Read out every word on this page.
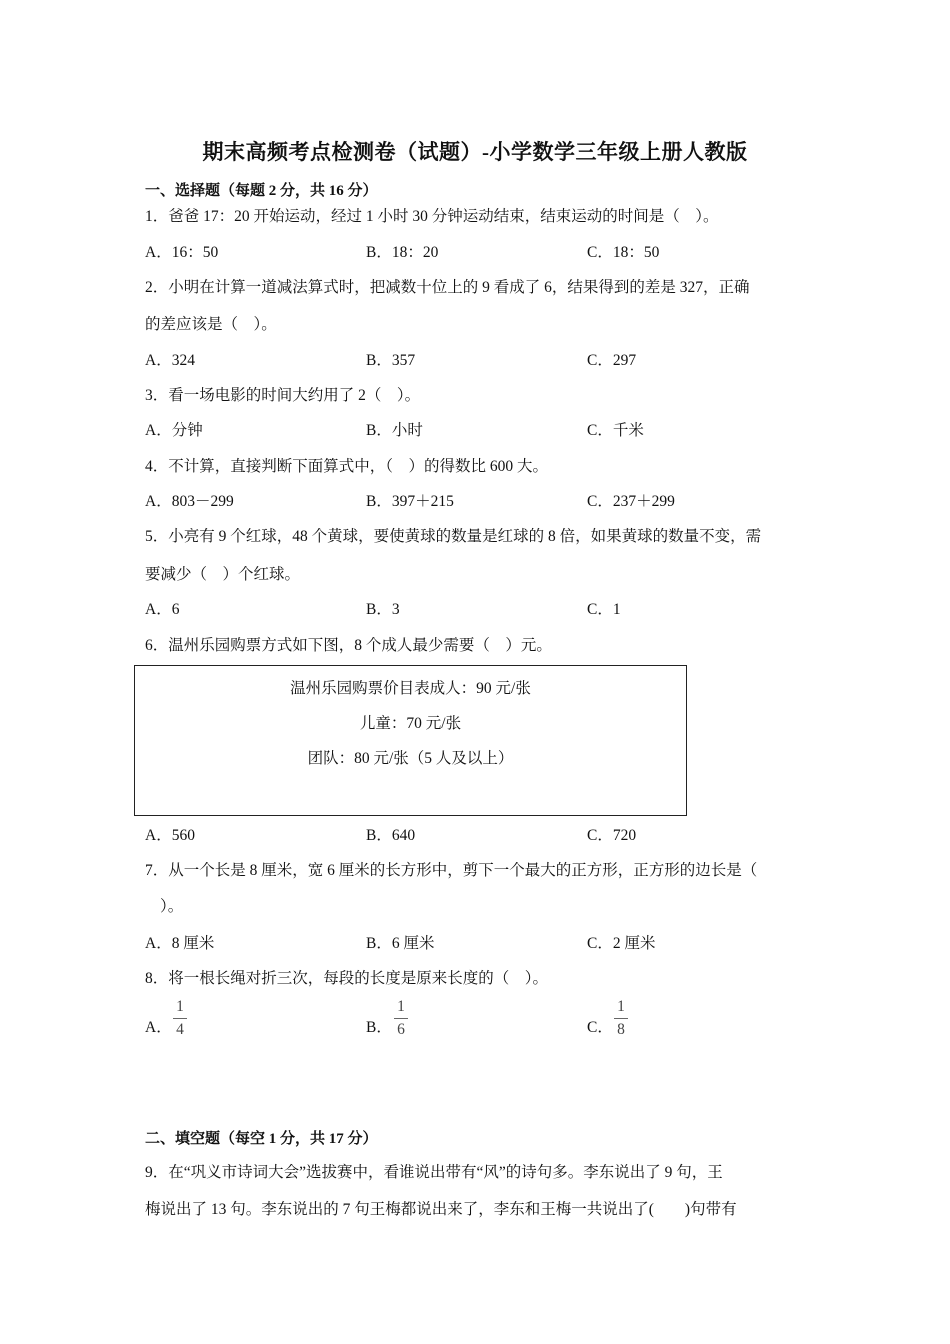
期末高频考点检测卷（试题）-小学数学三年级上册人教版
一、选择题（每题 2 分，共 16 分）
1．爸爸 17：20 开始运动，经过 1 小时 30 分钟运动结束，结束运动的时间是（　）。
A．16：50	B．18：20	C．18：50
2．小明在计算一道减法算式时，把减数十位上的 9 看成了 6，结果得到的差是 327，正确
的差应该是（　）。
A．324	B．357	C．297
3．看一场电影的时间大约用了 2（　）。
A．分钟	B．小时	C．千米
4．不计算，直接判断下面算式中，（　）的得数比 600 大。
A．803－299	B．397＋215	C．237＋299
5．小亮有 9 个红球，48 个黄球，要使黄球的数量是红球的 8 倍，如果黄球的数量不变，需
要减少（　）个红球。
A．6	B．3	C．1
6．温州乐园购票方式如下图，8 个成人最少需要（　）元。
温州乐园购票价目表成人：90 元/张
儿童：70 元/张
团队：80 元/张（5 人及以上）
A．560	B．640	C．720
7．从一个长是 8 厘米，宽 6 厘米的长方形中，剪下一个最大的正方形，正方形的边长是（
）。
A．8 厘米	B．6 厘米	C．2 厘米
8．将一根长绳对折三次，每段的长度是原来长度的（　）。
A．
1
4	B．
1
6	C．
1
8
二、填空题（每空 1 分，共 17 分）
9．在“巩义市诗词大会”选拔赛中，看谁说出带有“风”的诗句多。李东说出了 9 句，王
梅说出了 13 句。李东说出的 7 句王梅都说出来了，李东和王梅一共说出了(　　)句带有
